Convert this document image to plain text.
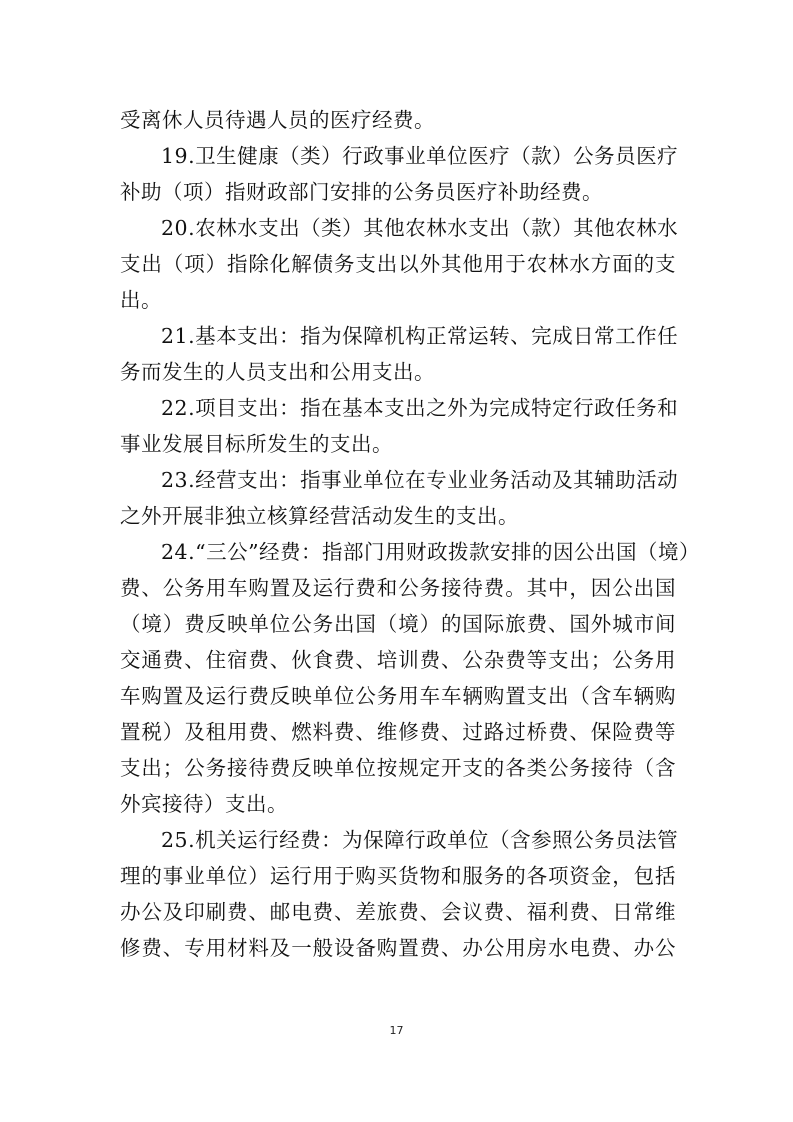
受离休人员待遇人员的医疗经费。
19.卫生健康（类）行政事业单位医疗（款）公务员医疗
补助（项）指财政部门安排的公务员医疗补助经费。
20.农林水支出（类）其他农林水支出（款）其他农林水
支出（项）指除化解债务支出以外其他用于农林水方面的支
出。
21.基本支出：指为保障机构正常运转、完成日常工作任
务而发生的人员支出和公用支出。
22.项目支出：指在基本支出之外为完成特定行政任务和
事业发展目标所发生的支出。
23.经营支出：指事业单位在专业业务活动及其辅助活动
之外开展非独立核算经营活动发生的支出。
24.“三公”经费：指部门用财政拨款安排的因公出国（境）
费、公务用车购置及运行费和公务接待费。其中，因公出国
（境）费反映单位公务出国（境）的国际旅费、国外城市间
交通费、住宿费、伙食费、培训费、公杂费等支出；公务用
车购置及运行费反映单位公务用车车辆购置支出（含车辆购
置税）及租用费、燃料费、维修费、过路过桥费、保险费等
支出；公务接待费反映单位按规定开支的各类公务接待（含
外宾接待）支出。
25.机关运行经费：为保障行政单位（含参照公务员法管
理的事业单位）运行用于购买货物和服务的各项资金，包括
办公及印刷费、邮电费、差旅费、会议费、福利费、日常维
修费、专用材料及一般设备购置费、办公用房水电费、办公
17
